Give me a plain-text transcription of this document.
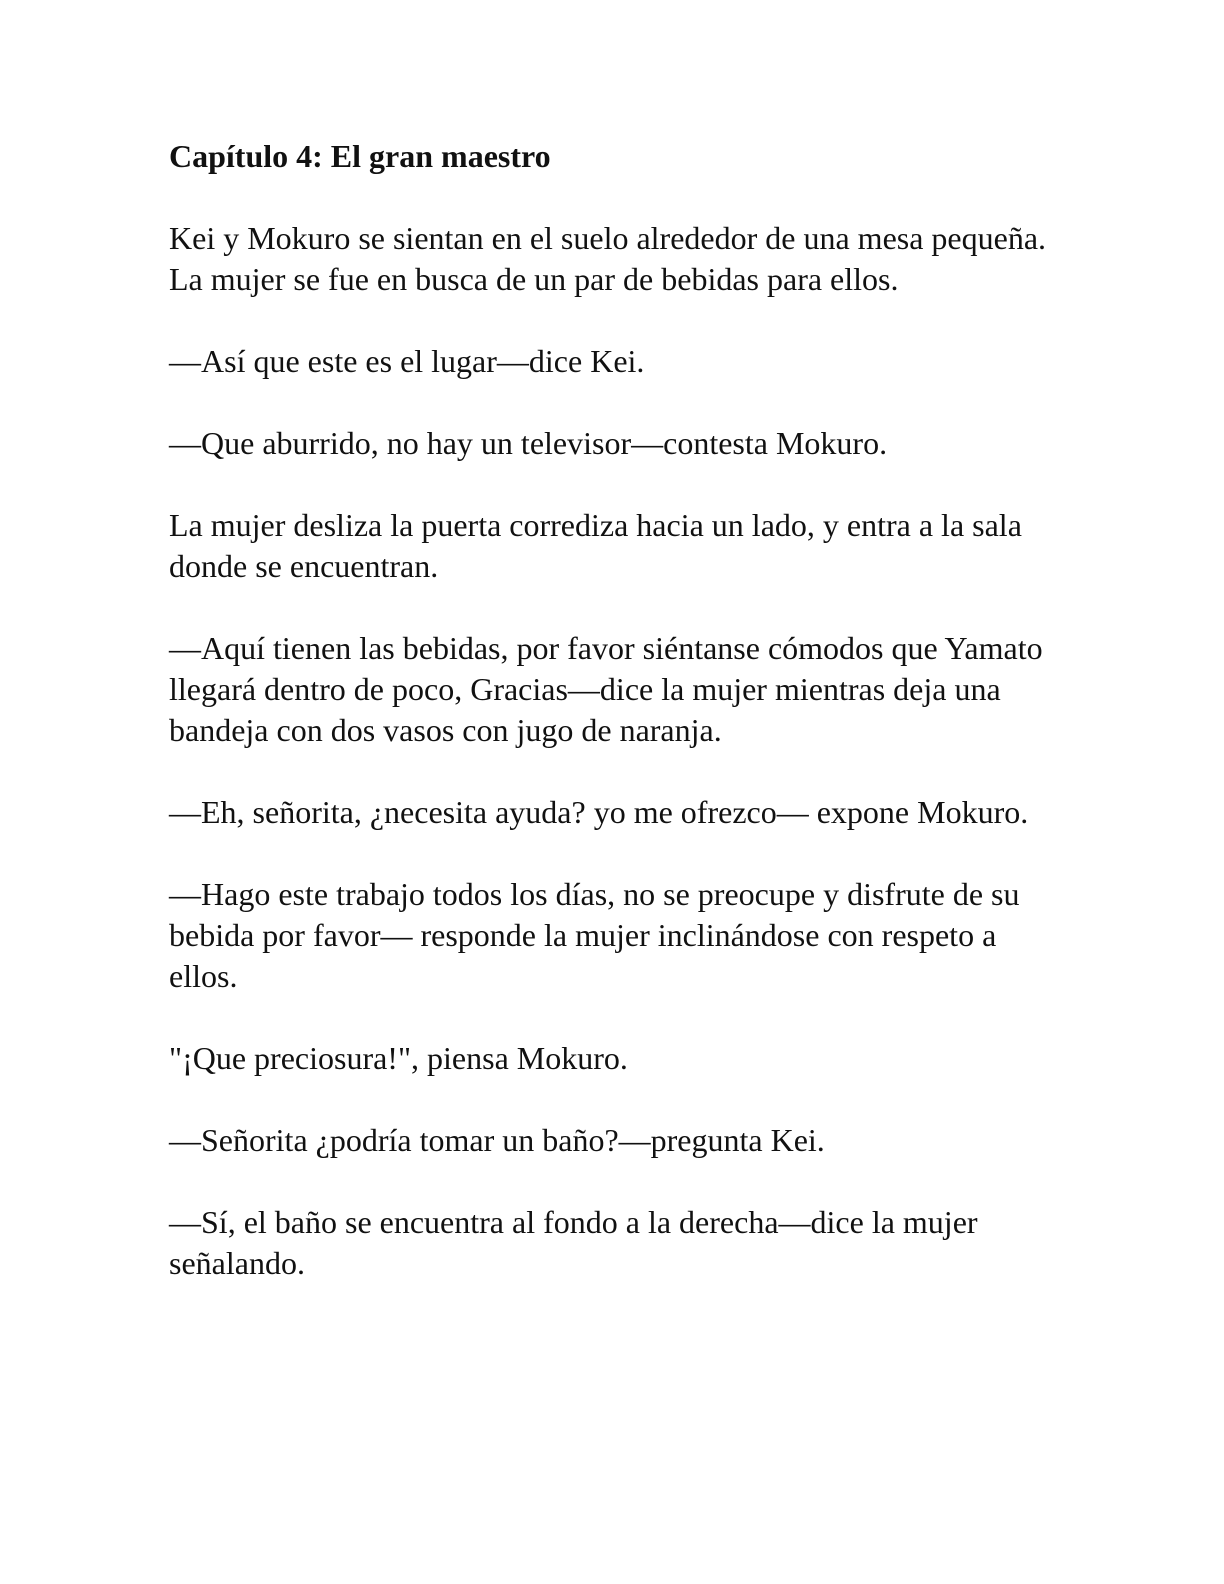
Capítulo 4: El gran maestro

Kei y Mokuro se sientan en el suelo alrededor de una mesa pequeña. La mujer se fue en busca de un par de bebidas para ellos.

—Así que este es el lugar—dice Kei.

—Que aburrido, no hay un televisor—contesta Mokuro.

La mujer desliza la puerta corrediza hacia un lado, y entra a la sala donde se encuentran.

—Aquí tienen las bebidas, por favor siéntanse cómodos que Yamato llegará dentro de poco, Gracias—dice la mujer mientras deja una bandeja con dos vasos con jugo de naranja.

—Eh, señorita, ¿necesita ayuda? yo me ofrezco— expone Mokuro.

—Hago este trabajo todos los días, no se preocupe y disfrute de su bebida por favor— responde la mujer inclinándose con respeto a ellos.

"¡Que preciosura!", piensa Mokuro.

—Señorita ¿podría tomar un baño?—pregunta Kei.

—Sí, el baño se encuentra al fondo a la derecha—dice la mujer señalando.
